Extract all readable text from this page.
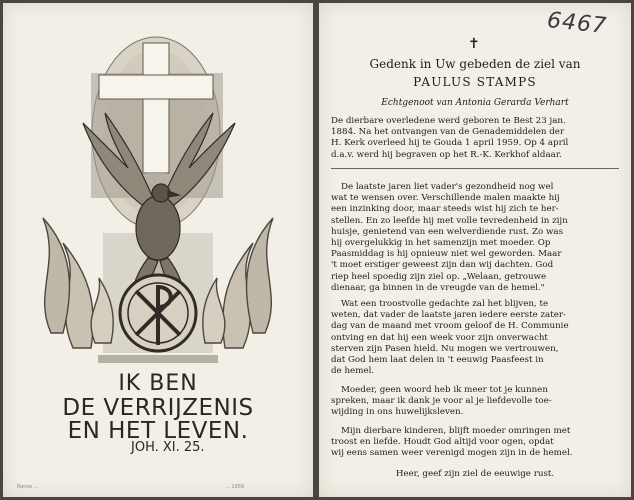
IK BEN
DE VERRIJZENIS
EN HET LEVEN.
JOH. XI. 25.
Ronse ...	... 1959
6467
✝
Gedenk in Uw gebeden de ziel van
PAULUS STAMPS
Echtgenoot van Antonia Gerarda Verhart
De dierbare overledene werd geboren te Best 23 jan.
1884. Na het ontvangen van de Genademiddelen der
H. Kerk overleed hij te Gouda 1 april 1959. Op 4 april
d.a.v. werd hij begraven op het R.-K. Kerkhof aldaar.
De laatste jaren liet vader's gezondheid nog wel
wat te wensen over. Verschillende malen maakte hij
een inzinking door, maar steeds wist hij zich te her-
stellen. En zo leefde hij met volle tevredenheid in zijn
huisje, genietend van een welverdiende rust. Zo was
hij overgelukkig in het samenzijn met moeder. Op
Paasmiddag is hij opnieuw niet wel geworden. Maar
't moet erstiger geweest zijn dan wij dachten. God
riep heel spoedig zijn ziel op. „Welaan, getrouwe
dienaar, ga binnen in de vreugde van de hemel."
Wat een troostvolle gedachte zal het blijven, te
weten, dat vader de laatste jaren iedere eerste zater-
dag van de maand met vroom geloof de H. Communie
ontving en dat hij een week voor zijn onverwacht
sterven zijn Pasen hield. Nu mogen we vertrouwen,
dat God hem laat delen in 't eeuwig Paasfeest in
de hemel.
Moeder, geen woord heb ik meer tot je kunnen
spreken, maar ik dank je voor al je liefdevolle toe-
wijding in ons huwelijksleven.
Mijn dierbare kinderen, blijft moeder omringen met
troost en liefde. Houdt God altijd voor ogen, opdat
wij eens samen weer verenigd mogen zijn in de hemel.
Heer, geef zijn ziel de eeuwige rust.
